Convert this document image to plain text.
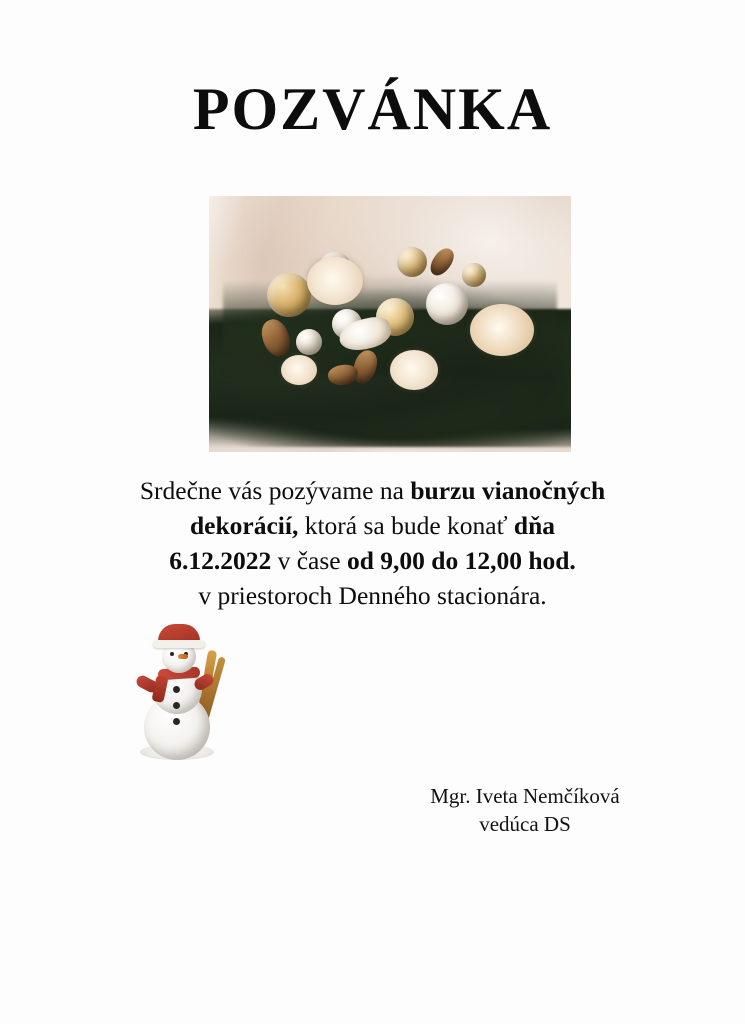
POZVÁNKA
Srdečne vás pozývame na burzu vianočných
dekorácií, ktorá sa bude konať dňa
6.12.2022 v čase od 9,00 do 12,00 hod.
v priestoroch Denného stacionára.
Mgr. Iveta Nemčíková
vedúca DS
